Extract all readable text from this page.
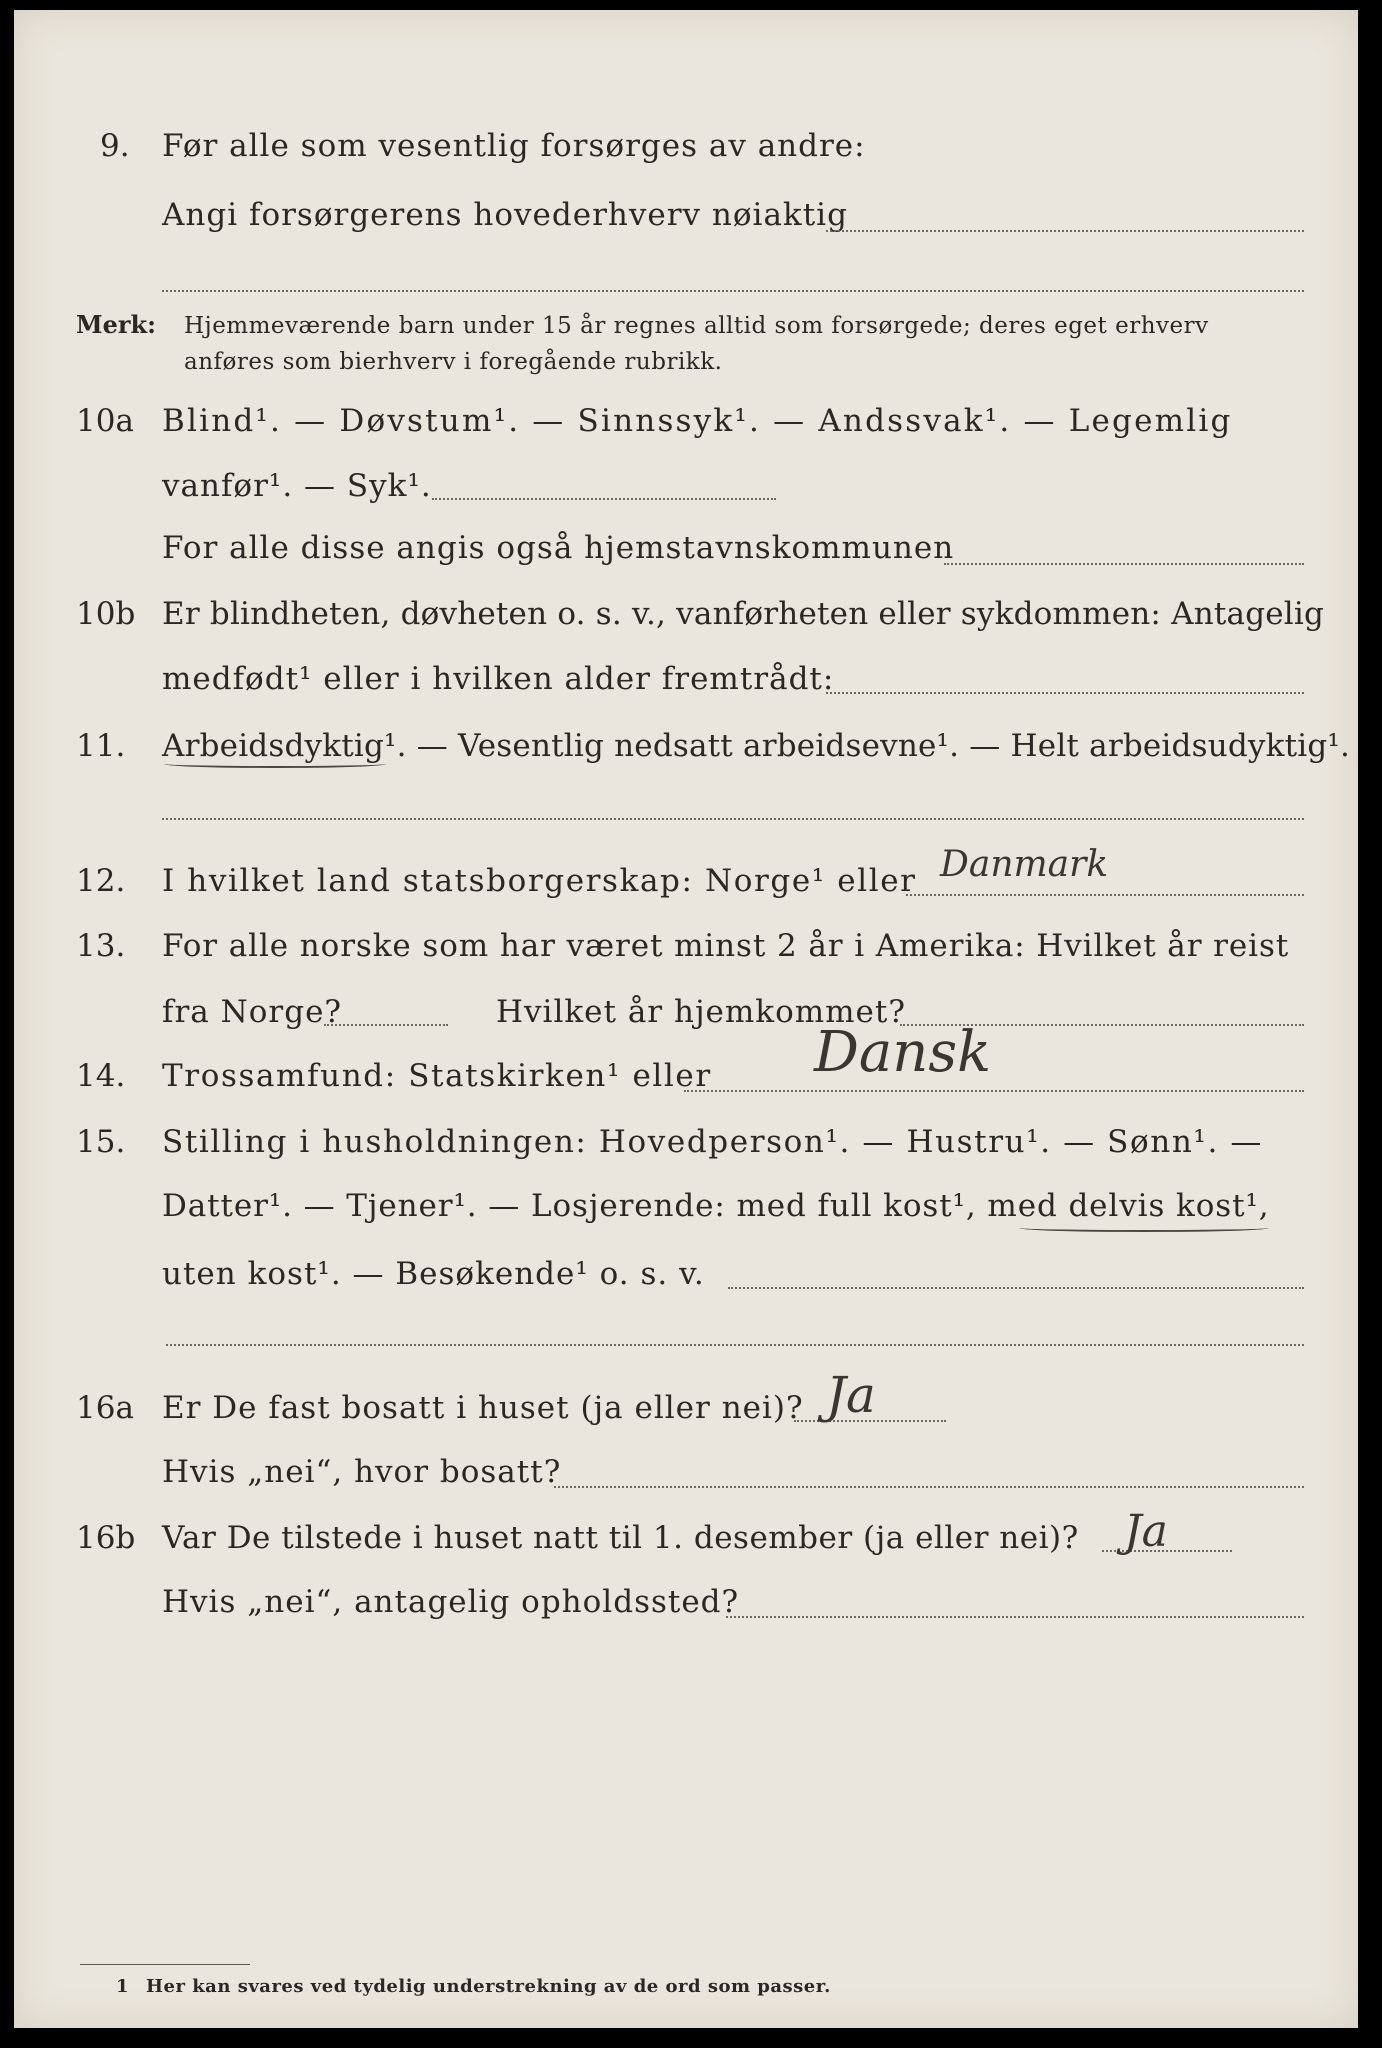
9. Før alle som vesentlig forsørges av andre:
Angi forsørgerens hovederhverv nøiaktig
Merk: Hjemmeværende barn under 15 år regnes alltid som forsørgede; deres eget erhverv
anføres som bierhverv i foregående rubrikk.
10a Blind¹. — Døvstum¹. — Sinnssyk¹. — Andssvak¹. — Legemlig
vanfør¹. — Syk¹.
For alle disse angis også hjemstavnskommunen
10b Er blindheten, døvheten o. s. v., vanførheten eller sykdommen: Antagelig
medfødt¹ eller i hvilken alder fremtrådt:
11. Arbeidsdyktig¹. — Vesentlig nedsatt arbeidsevne¹. — Helt arbeidsudyktig¹.
12. I hvilket land statsborgerskap: Norge¹ eller Danmark
13. For alle norske som har været minst 2 år i Amerika: Hvilket år reist
fra Norge?	Hvilket år hjemkommet?
14. Trossamfund: Statskirken¹ eller Dansk
15. Stilling i husholdningen: Hovedperson¹. — Hustru¹. — Sønn¹. —
Datter¹. — Tjener¹. — Losjerende: med full kost¹, med delvis kost¹,
uten kost¹. — Besøkende¹ o. s. v.
16a Er De fast bosatt i huset (ja eller nei)? Ja
Hvis „nei“, hvor bosatt?
16b Var De tilstede i huset natt til 1. desember (ja eller nei)? Ja
Hvis „nei“, antagelig opholdssted?
1 Her kan svares ved tydelig understrekning av de ord som passer.
